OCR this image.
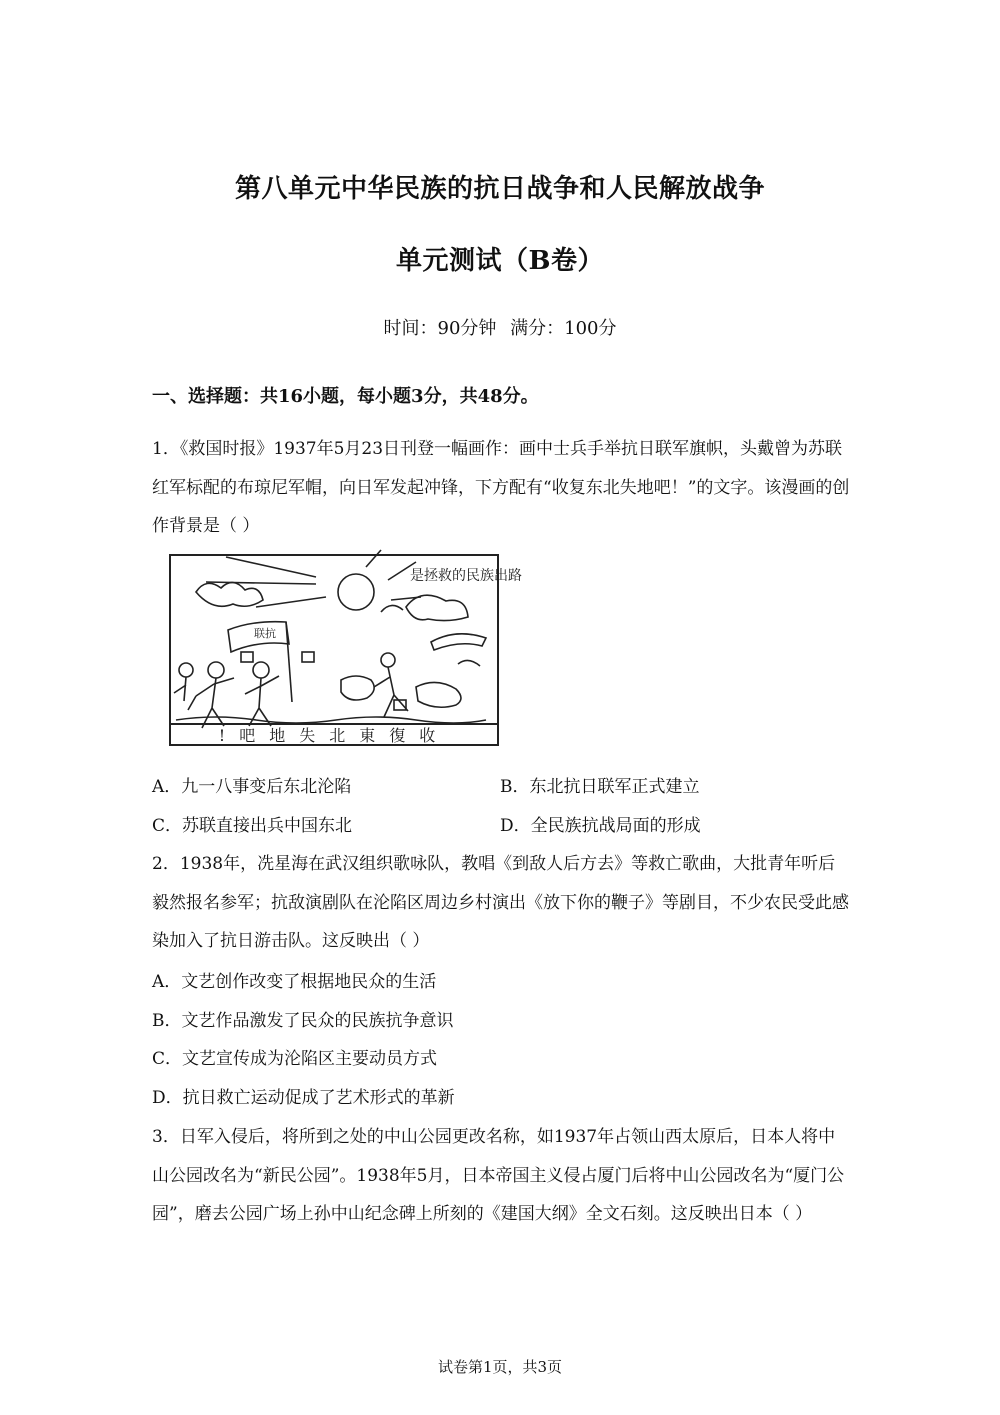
第八单元中华民族的抗日战争和人民解放战争
单元测试（B卷）
时间：90分钟 满分：100分
一、选择题：共16小题，每小题3分，共48分。
1．《救国时报》1937年5月23日刊登一幅画作：画中士兵手举抗日联军旗帜，头戴曾为苏联红军标配的布琼尼军帽，向日军发起冲锋，下方配有“收复东北失地吧！”的文字。该漫画的创作背景是（ ）
是拯救的民族出路
联抗
!吧地失北東復收
A．九一八事变后东北沦陷	B．东北抗日联军正式建立
C．苏联直接出兵中国东北	D．全民族抗战局面的形成
2．1938年，冼星海在武汉组织歌咏队，教唱《到敌人后方去》等救亡歌曲，大批青年听后毅然报名参军；抗敌演剧队在沦陷区周边乡村演出《放下你的鞭子》等剧目，不少农民受此感染加入了抗日游击队。这反映出（ ）
A．文艺创作改变了根据地民众的生活
B．文艺作品激发了民众的民族抗争意识
C．文艺宣传成为沦陷区主要动员方式
D．抗日救亡运动促成了艺术形式的革新
3．日军入侵后，将所到之处的中山公园更改名称，如1937年占领山西太原后，日本人将中山公园改名为“新民公园”。1938年5月，日本帝国主义侵占厦门后将中山公园改名为“厦门公园”，磨去公园广场上孙中山纪念碑上所刻的《建国大纲》全文石刻。这反映出日本（ ）
试卷第1页，共3页
